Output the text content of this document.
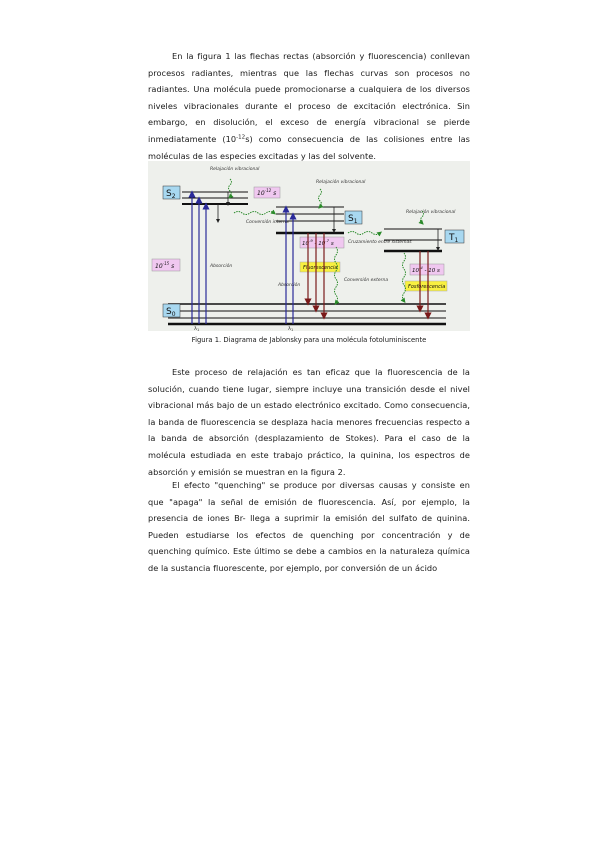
En la figura 1 las flechas rectas (absorción y fluorescencia) conllevan procesos radiantes, mientras que las flechas curvas son procesos no radiantes. Una molécula puede promocionarse a cualquiera de los diversos niveles vibracionales durante el proceso de excitación electrónica. Sin embargo, en disolución, el exceso de energía vibracional se pierde inmediatamente $(10^{-12}s)$ como consecuencia de las colisiones entre las moléculas de las especies excitadas y las del solvente.

$S_2$
$S_1$
$S_0$
$T_1$
$10^{-15}$ s
$10^{-12}$ s
$10^{-9} - 10^{-7}$ s
$10^{-4} - 10$ s
Fluorescencia
Fosforescencia
Relajación vibracional
Conversión interna
Relajación vibracional
Absorción
Absorción
Cruzamiento entre sistemas
Conversión externa
Relajación vibracional
$\lambda_1$	$\lambda_1$
Figura 1. Diagrama de Jablonsky para una molécula fotoluminiscente

Este proceso de relajación es tan eficaz que la fluorescencia de la solución, cuando tiene lugar, siempre incluye una transición desde el nivel vibracional más bajo de un estado electrónico excitado. Como consecuencia, la banda de fluorescencia se desplaza hacia menores frecuencias respecto a la banda de absorción (desplazamiento de Stokes). Para el caso de la molécula estudiada en este trabajo práctico, la quinina, los espectros de absorción y emisión se muestran en la figura 2.

El efecto "quenching" se produce por diversas causas y consiste en que "apaga" la señal de emisión de fluorescencia. Así, por ejemplo, la presencia de iones Br- llega a suprimir la emisión del sulfato de quinina. Pueden estudiarse los efectos de quenching por concentración y de quenching químico. Este último se debe a cambios en la naturaleza química de la sustancia fluorescente, por ejemplo, por conversión de un ácido
